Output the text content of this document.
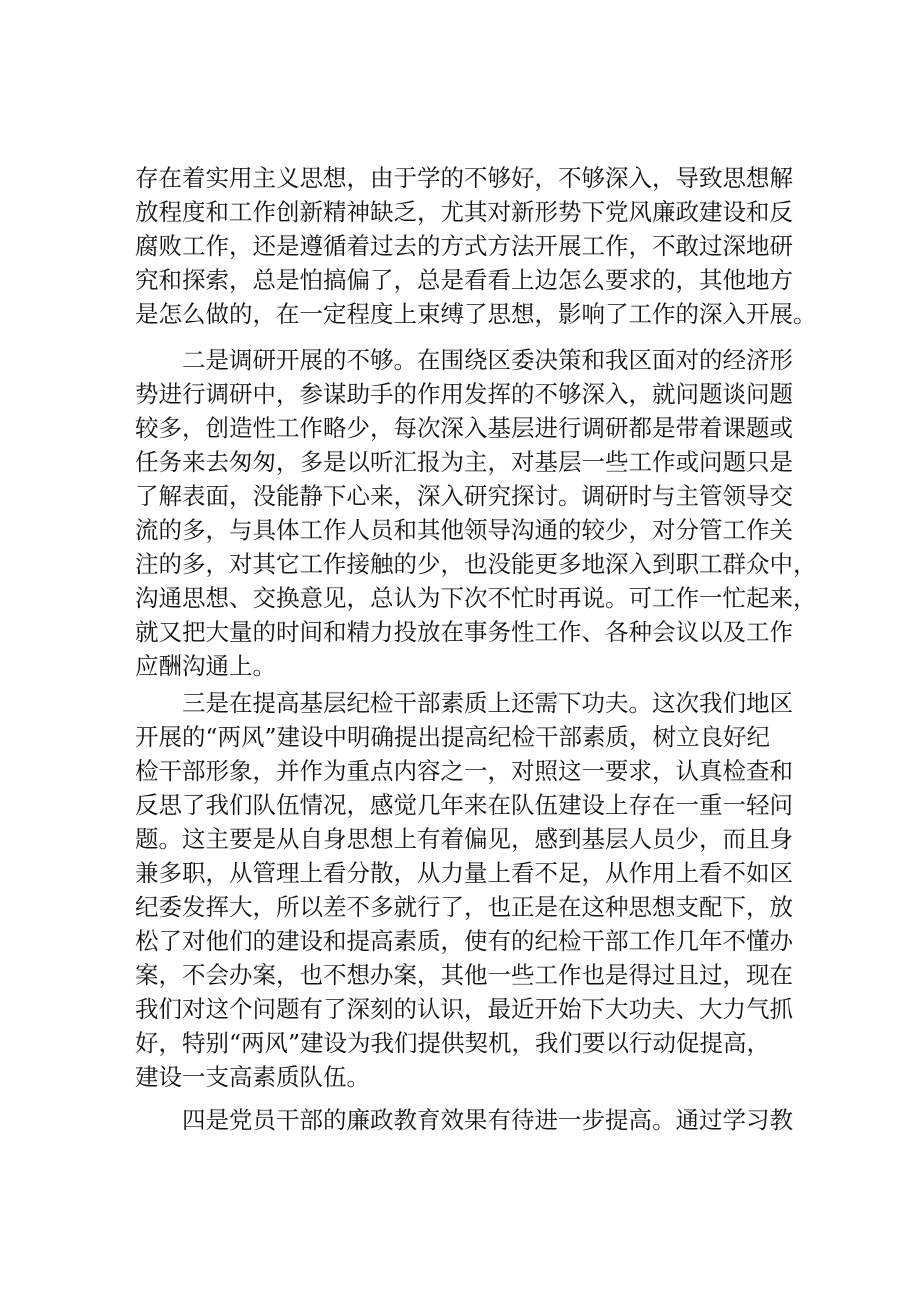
存在着实用主义思想，由于学的不够好，不够深入，导致思想解
放程度和工作创新精神缺乏，尤其对新形势下党风廉政建设和反
腐败工作，还是遵循着过去的方式方法开展工作，不敢过深地研
究和探索，总是怕搞偏了，总是看看上边怎么要求的，其他地方
是怎么做的，在一定程度上束缚了思想，影响了工作的深入开展。
　　二是调研开展的不够。在围绕区委决策和我区面对的经济形
势进行调研中，参谋助手的作用发挥的不够深入，就问题谈问题
较多，创造性工作略少，每次深入基层进行调研都是带着课题或
任务来去匆匆，多是以听汇报为主，对基层一些工作或问题只是
了解表面，没能静下心来，深入研究探讨。调研时与主管领导交
流的多，与具体工作人员和其他领导沟通的较少，对分管工作关
注的多，对其它工作接触的少，也没能更多地深入到职工群众中，
沟通思想、交换意见，总认为下次不忙时再说。可工作一忙起来，
就又把大量的时间和精力投放在事务性工作、各种会议以及工作
应酬沟通上。
　　三是在提高基层纪检干部素质上还需下功夫。这次我们地区
开展的“两风”建设中明确提出提高纪检干部素质，树立良好纪
检干部形象，并作为重点内容之一，对照这一要求，认真检查和
反思了我们队伍情况，感觉几年来在队伍建设上存在一重一轻问
题。这主要是从自身思想上有着偏见，感到基层人员少，而且身
兼多职，从管理上看分散，从力量上看不足，从作用上看不如区
纪委发挥大，所以差不多就行了，也正是在这种思想支配下，放
松了对他们的建设和提高素质，使有的纪检干部工作几年不懂办
案，不会办案，也不想办案，其他一些工作也是得过且过，现在
我们对这个问题有了深刻的认识，最近开始下大功夫、大力气抓
好，特别“两风”建设为我们提供契机，我们要以行动促提高，
建设一支高素质队伍。
　　四是党员干部的廉政教育效果有待进一步提高。通过学习教
